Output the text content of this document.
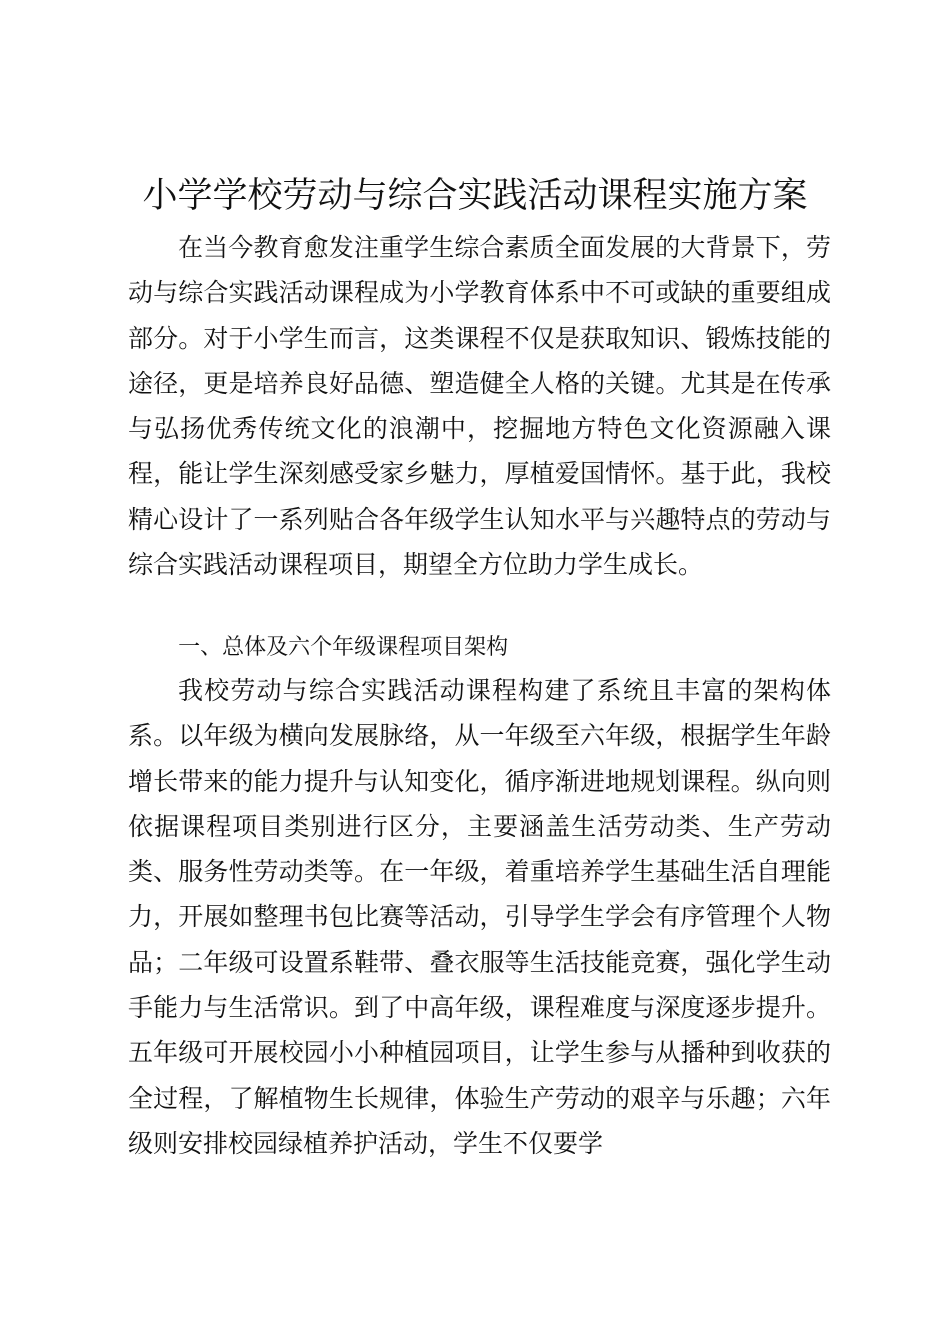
小学学校劳动与综合实践活动课程实施方案

在当今教育愈发注重学生综合素质全面发展的大背景下，劳动与综合实践活动课程成为小学教育体系中不可或缺的重要组成部分。对于小学生而言，这类课程不仅是获取知识、锻炼技能的途径，更是培养良好品德、塑造健全人格的关键。尤其是在传承与弘扬优秀传统文化的浪潮中，挖掘地方特色文化资源融入课程，能让学生深刻感受家乡魅力，厚植爱国情怀。基于此，我校精心设计了一系列贴合各年级学生认知水平与兴趣特点的劳动与综合实践活动课程项目，期望全方位助力学生成长。

一、总体及六个年级课程项目架构

我校劳动与综合实践活动课程构建了系统且丰富的架构体系。以年级为横向发展脉络，从一年级至六年级，根据学生年龄增长带来的能力提升与认知变化，循序渐进地规划课程。纵向则依据课程项目类别进行区分，主要涵盖生活劳动类、生产劳动类、服务性劳动类等。在一年级，着重培养学生基础生活自理能力，开展如整理书包比赛等活动，引导学生学会有序管理个人物品；二年级可设置系鞋带、叠衣服等生活技能竞赛，强化学生动手能力与生活常识。到了中高年级，课程难度与深度逐步提升。五年级可开展校园小小种植园项目，让学生参与从播种到收获的全过程，了解植物生长规律，体验生产劳动的艰辛与乐趣；六年级则安排校园绿植养护活动，学生不仅要学
